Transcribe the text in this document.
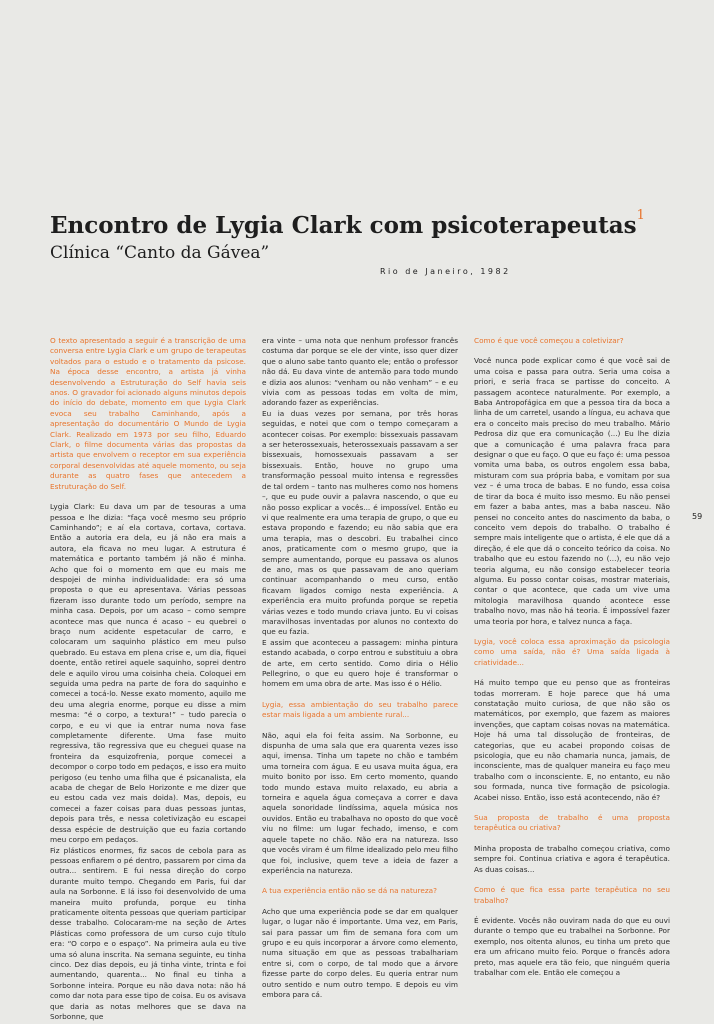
Encontro de Lygia Clark com psicoterapeutas$^1$
Clínica “Canto da Gávea”
Rio de Janeiro, 1982
59

O texto apresentado a seguir é a transcrição de uma conversa entre Lygia Clark e um grupo de terapeutas voltados para o estudo e o tratamento da psicose. Na época desse encontro, a artista já vinha desenvolvendo a Estruturação do Self havia seis anos. O gravador foi acionado alguns minutos depois do início do debate, momento em que Lygia Clark evoca seu trabalho Caminhando, após a apresentação do documentário O Mundo de Lygia Clark. Realizado em 1973 por seu filho, Eduardo Clark, o filme documenta várias das propostas da artista que envolvem o receptor em sua experiência corporal desenvolvidas até aquele momento, ou seja durante as quatro fases que antecedem a Estruturação do Self.

Lygia Clark: Eu dava um par de tesouras a uma pessoa e lhe dizia: “faça você mesmo seu próprio Caminhando”; e aí ela cortava, cortava, cortava. Então a autoria era dela, eu já não era mais a autora, ela ficava no meu lugar. A estrutura é matemática e portanto também já não é minha. Acho que foi o momento em que eu mais me despojei de minha individualidade: era só uma proposta o que eu apresentava. Várias pessoas fizeram isso durante todo um período, sempre na minha casa. Depois, por um acaso – como sempre acontece mas que nunca é acaso – eu quebrei o braço num acidente espetacular de carro, e colocaram um saquinho plástico em meu pulso quebrado. Eu estava em plena crise e, um dia, fiquei doente, então retirei aquele saquinho, soprei dentro dele e aquilo virou uma coisinha cheia. Coloquei em seguida uma pedra na parte de fora do saquinho e comecei a tocá-lo. Nesse exato momento, aquilo me deu uma alegria enorme, porque eu disse a mim mesma: “é o corpo, a textura!” – tudo parecia o corpo, e eu vi que ia entrar numa nova fase completamente diferente. Uma fase muito regressiva, tão regressiva que eu cheguei quase na fronteira da esquizofrenia, porque comecei a decompor o corpo todo em pedaços, e isso era muito perigoso (eu tenho uma filha que é psicanalista, ela acaba de chegar de Belo Horizonte e me dizer que eu estou cada vez mais doida). Mas, depois, eu comecei a fazer coisas para duas pessoas juntas, depois para três, e nessa coletivização eu escapei dessa espécie de destruição que eu fazia cortando meu corpo em pedaços.

Fiz plásticos enormes, fiz sacos de cebola para as pessoas enfiarem o pé dentro, passarem por cima da outra... sentirem. E fui nessa direção do corpo durante muito tempo. Chegando em Paris, fui dar aula na Sorbonne. E lá isso foi desenvolvido de uma maneira muito profunda, porque eu tinha praticamente oitenta pessoas que queriam participar desse trabalho. Colocaram-me na seção de Artes Plásticas como professora de um curso cujo título era: “O corpo e o espaço”. Na primeira aula eu tive uma só aluna inscrita. Na semana seguinte, eu tinha cinco. Dez dias depois, eu já tinha vinte, trinta e foi aumentando, quarenta... No final eu tinha a Sorbonne inteira. Porque eu não dava nota: não há como dar nota para esse tipo de coisa. Eu os avisava que daria as notas melhores que se dava na Sorbonne, que

era vinte – uma nota que nenhum professor francês costuma dar porque se ele der vinte, isso quer dizer que o aluno sabe tanto quanto ele; então o professor não dá. Eu dava vinte de antemão para todo mundo e dizia aos alunos: “venham ou não venham” – e eu vivia com as pessoas todas em volta de mim, adorando fazer as experiências.

Eu ia duas vezes por semana, por três horas seguidas, e notei que com o tempo começaram a acontecer coisas. Por exemplo: bissexuais passavam a ser heterossexuais, heterossexuais passavam a ser bissexuais, homossexuais passavam a ser bissexuais. Então, houve no grupo uma transformação pessoal muito intensa e regressões de tal ordem – tanto nas mulheres como nos homens –, que eu pude ouvir a palavra nascendo, o que eu não posso explicar a vocês... é impossível. Então eu vi que realmente era uma terapia de grupo, o que eu estava propondo e fazendo; eu não sabia que era uma terapia, mas o descobri. Eu trabalhei cinco anos, praticamente com o mesmo grupo, que ia sempre aumentando, porque eu passava os alunos de ano, mas os que passavam de ano queriam continuar acompanhando o meu curso, então ficavam ligados comigo nesta experiência. A experiência era muito profunda porque se repetia várias vezes e todo mundo criava junto. Eu vi coisas maravilhosas inventadas por alunos no contexto do que eu fazia.

E assim que aconteceu a passagem: minha pintura estando acabada, o corpo entrou e substituiu a obra de arte, em certo sentido. Como diria o Hélio Pellegrino, o que eu quero hoje é transformar o homem em uma obra de arte. Mas isso é o Hélio.

Lygia, essa ambientação do seu trabalho parece estar mais ligada a um ambiente rural...

Não, aqui ela foi feita assim. Na Sorbonne, eu dispunha de uma sala que era quarenta vezes isso aqui, imensa. Tinha um tapete no chão e também uma torneira com água. E eu usava muita água, era muito bonito por isso. Em certo momento, quando todo mundo estava muito relaxado, eu abria a torneira e aquela água começava a correr e dava aquela sonoridade lindíssima, aquela música nos ouvidos. Então eu trabalhava no oposto do que você viu no filme: um lugar fechado, imenso, e com aquele tapete no chão. Não era na natureza. Isso que vocês viram é um filme idealizado pelo meu filho que foi, inclusive, quem teve a ideia de fazer a experiência na natureza.

A tua experiência então não se dá na natureza?

Acho que uma experiência pode se dar em qualquer lugar, o lugar não é importante. Uma vez, em Paris, sai para passar um fim de semana fora com um grupo e eu quis incorporar a árvore como elemento, numa situação em que as pessoas trabalhariam entre si, com o corpo, de tal modo que a árvore fizesse parte do corpo deles. Eu queria entrar num outro sentido e num outro tempo. E depois eu vim embora para cá.

Como é que você começou a coletivizar?

Você nunca pode explicar como é que você sai de uma coisa e passa para outra. Seria uma coisa a priori, e seria fraca se partisse do conceito. A passagem acontece naturalmente. Por exemplo, a Baba Antropofágica em que a pessoa tira da boca a linha de um carretel, usando a língua, eu achava que era o conceito mais preciso do meu trabalho. Mário Pedrosa diz que era comunicação (...) Eu lhe dizia que a comunicação é uma palavra fraca para designar o que eu faço. O que eu faço é: uma pessoa vomita uma baba, os outros engolem essa baba, misturam com sua própria baba, e vomitam por sua vez – é uma troca de babas. E no fundo, essa coisa de tirar da boca é muito isso mesmo. Eu não pensei em fazer a baba antes, mas a baba nasceu. Não pensei no conceito antes do nascimento da baba, o conceito vem depois do trabalho. O trabalho é sempre mais inteligente que o artista, é ele que dá a direção, é ele que dá o conceito teórico da coisa. No trabalho que eu estou fazendo no (...), eu não vejo teoria alguma, eu não consigo estabelecer teoria alguma. Eu posso contar coisas, mostrar materiais, contar o que acontece, que cada um vive uma mitologia maravilhosa quando acontece esse trabalho novo, mas não há teoria. É impossível fazer uma teoria por hora, e talvez nunca a faça.

Lygia, você coloca essa aproximação da psicologia como uma saída, não é? Uma saída ligada à criatividade...

Há muito tempo que eu penso que as fronteiras todas morreram. E hoje parece que há uma constatação muito curiosa, de que não são os matemáticos, por exemplo, que fazem as maiores invenções, que captam coisas novas na matemática. Hoje há uma tal dissolução de fronteiras, de categorias, que eu acabei propondo coisas de psicologia, que eu não chamaria nunca, jamais, de inconsciente, mas de qualquer maneira eu faço meu trabalho com o inconsciente. E, no entanto, eu não sou formada, nunca tive formação de psicologia. Acabei nisso. Então, isso está acontecendo, não é?

Sua proposta de trabalho é uma proposta terapêutica ou criativa?

Minha proposta de trabalho começou criativa, como sempre foi. Continua criativa e agora é terapêutica. As duas coisas...

Como é que fica essa parte terapêutica no seu trabalho?

É evidente. Vocês não ouviram nada do que eu ouvi durante o tempo que eu trabalhei na Sorbonne. Por exemplo, nos oitenta alunos, eu tinha um preto que era um africano muito feio. Porque o francês adora preto, mas aquele era tão feio, que ninguém queria trabalhar com ele. Então ele começou a
